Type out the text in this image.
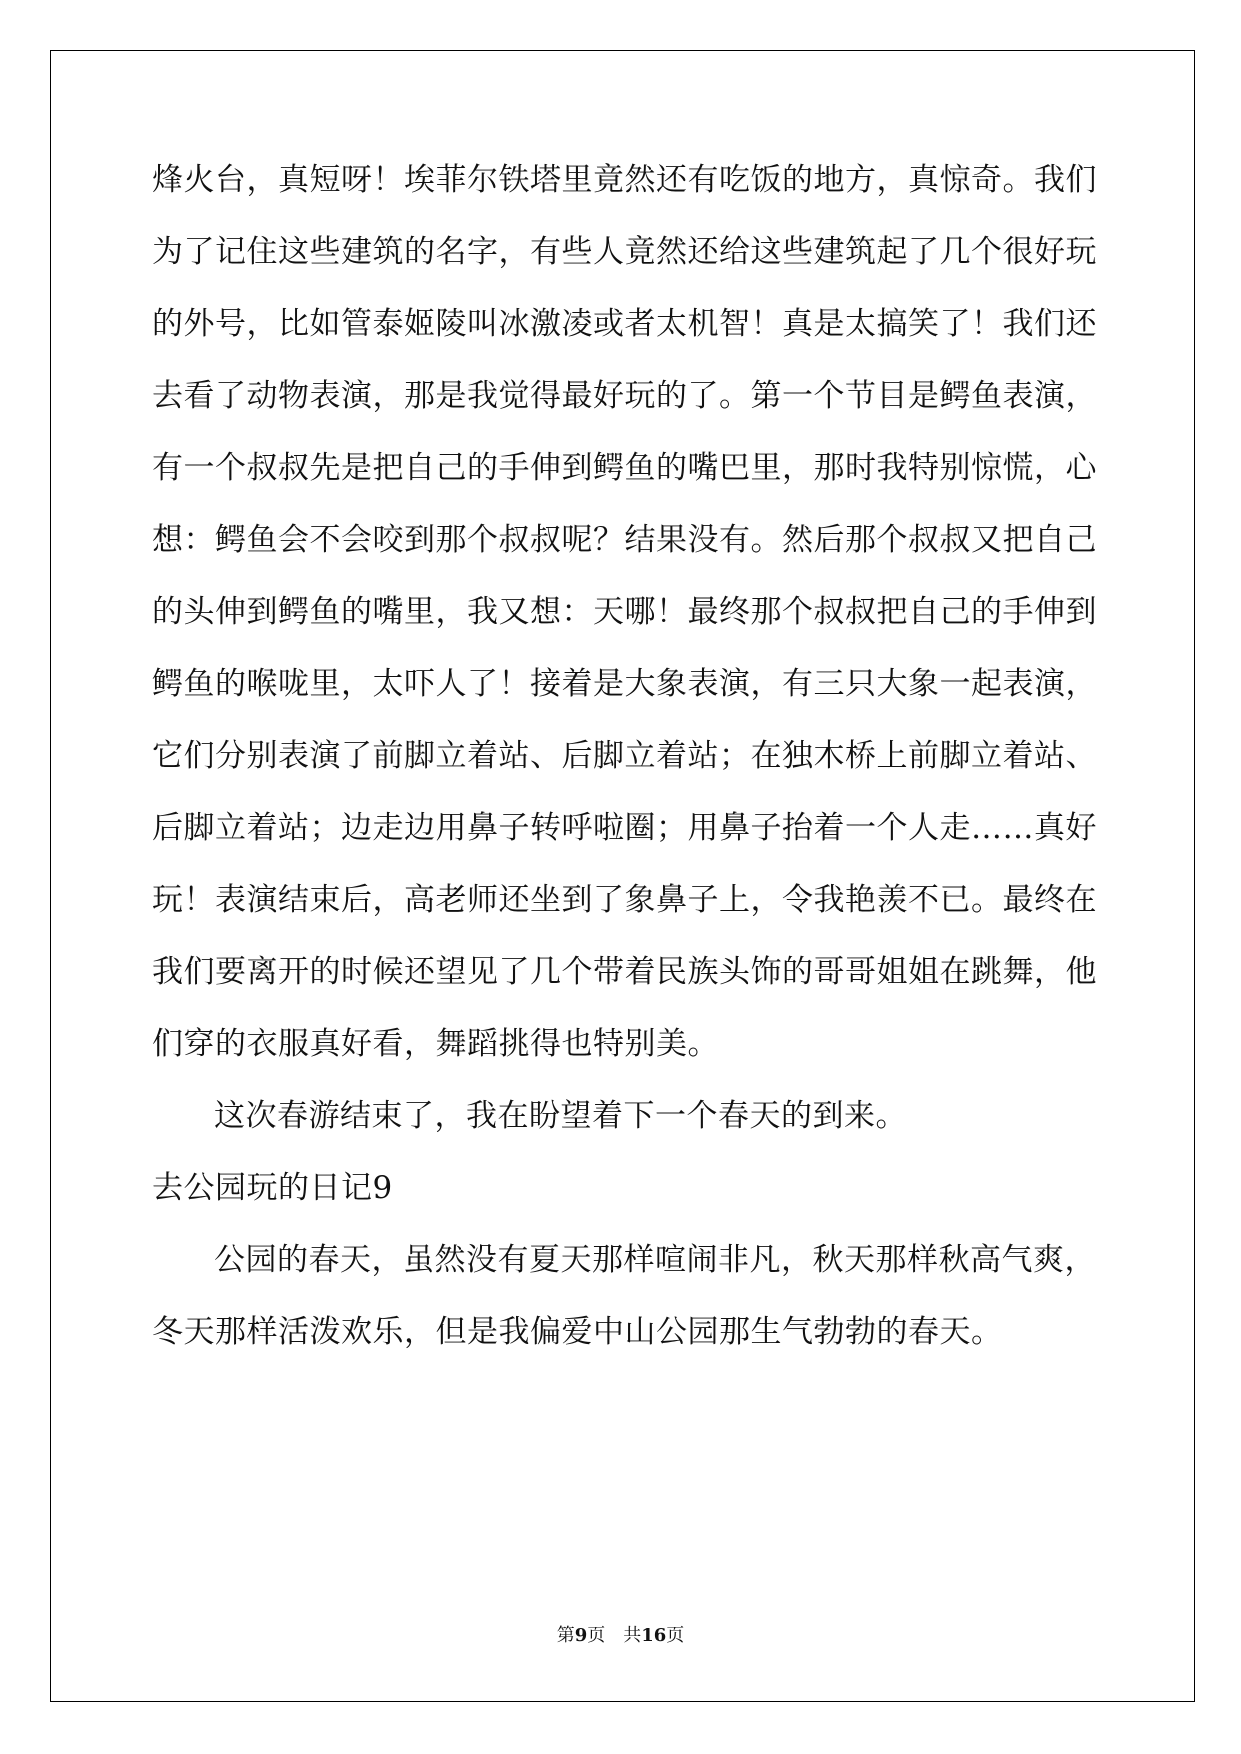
烽火台，真短呀！埃菲尔铁塔里竟然还有吃饭的地方，真惊奇。我们
为了记住这些建筑的名字，有些人竟然还给这些建筑起了几个很好玩
的外号，比如管泰姬陵叫冰激凌或者太机智！真是太搞笑了！我们还
去看了动物表演，那是我觉得最好玩的了。第一个节目是鳄鱼表演，
有一个叔叔先是把自己的手伸到鳄鱼的嘴巴里，那时我特别惊慌，心
想：鳄鱼会不会咬到那个叔叔呢？结果没有。然后那个叔叔又把自己
的头伸到鳄鱼的嘴里，我又想：天哪！最终那个叔叔把自己的手伸到
鳄鱼的喉咙里，太吓人了！接着是大象表演，有三只大象一起表演，
它们分别表演了前脚立着站、后脚立着站；在独木桥上前脚立着站、
后脚立着站；边走边用鼻子转呼啦圈；用鼻子抬着一个人走……真好
玩！表演结束后，高老师还坐到了象鼻子上，令我艳羡不已。最终在
我们要离开的时候还望见了几个带着民族头饰的哥哥姐姐在跳舞，他
们穿的衣服真好看，舞蹈挑得也特别美。
这次春游结束了，我在盼望着下一个春天的到来。
去公园玩的日记9
公园的春天，虽然没有夏天那样喧闹非凡，秋天那样秋高气爽，
冬天那样活泼欢乐，但是我偏爱中山公园那生气勃勃的春天。
第9页　共16页
